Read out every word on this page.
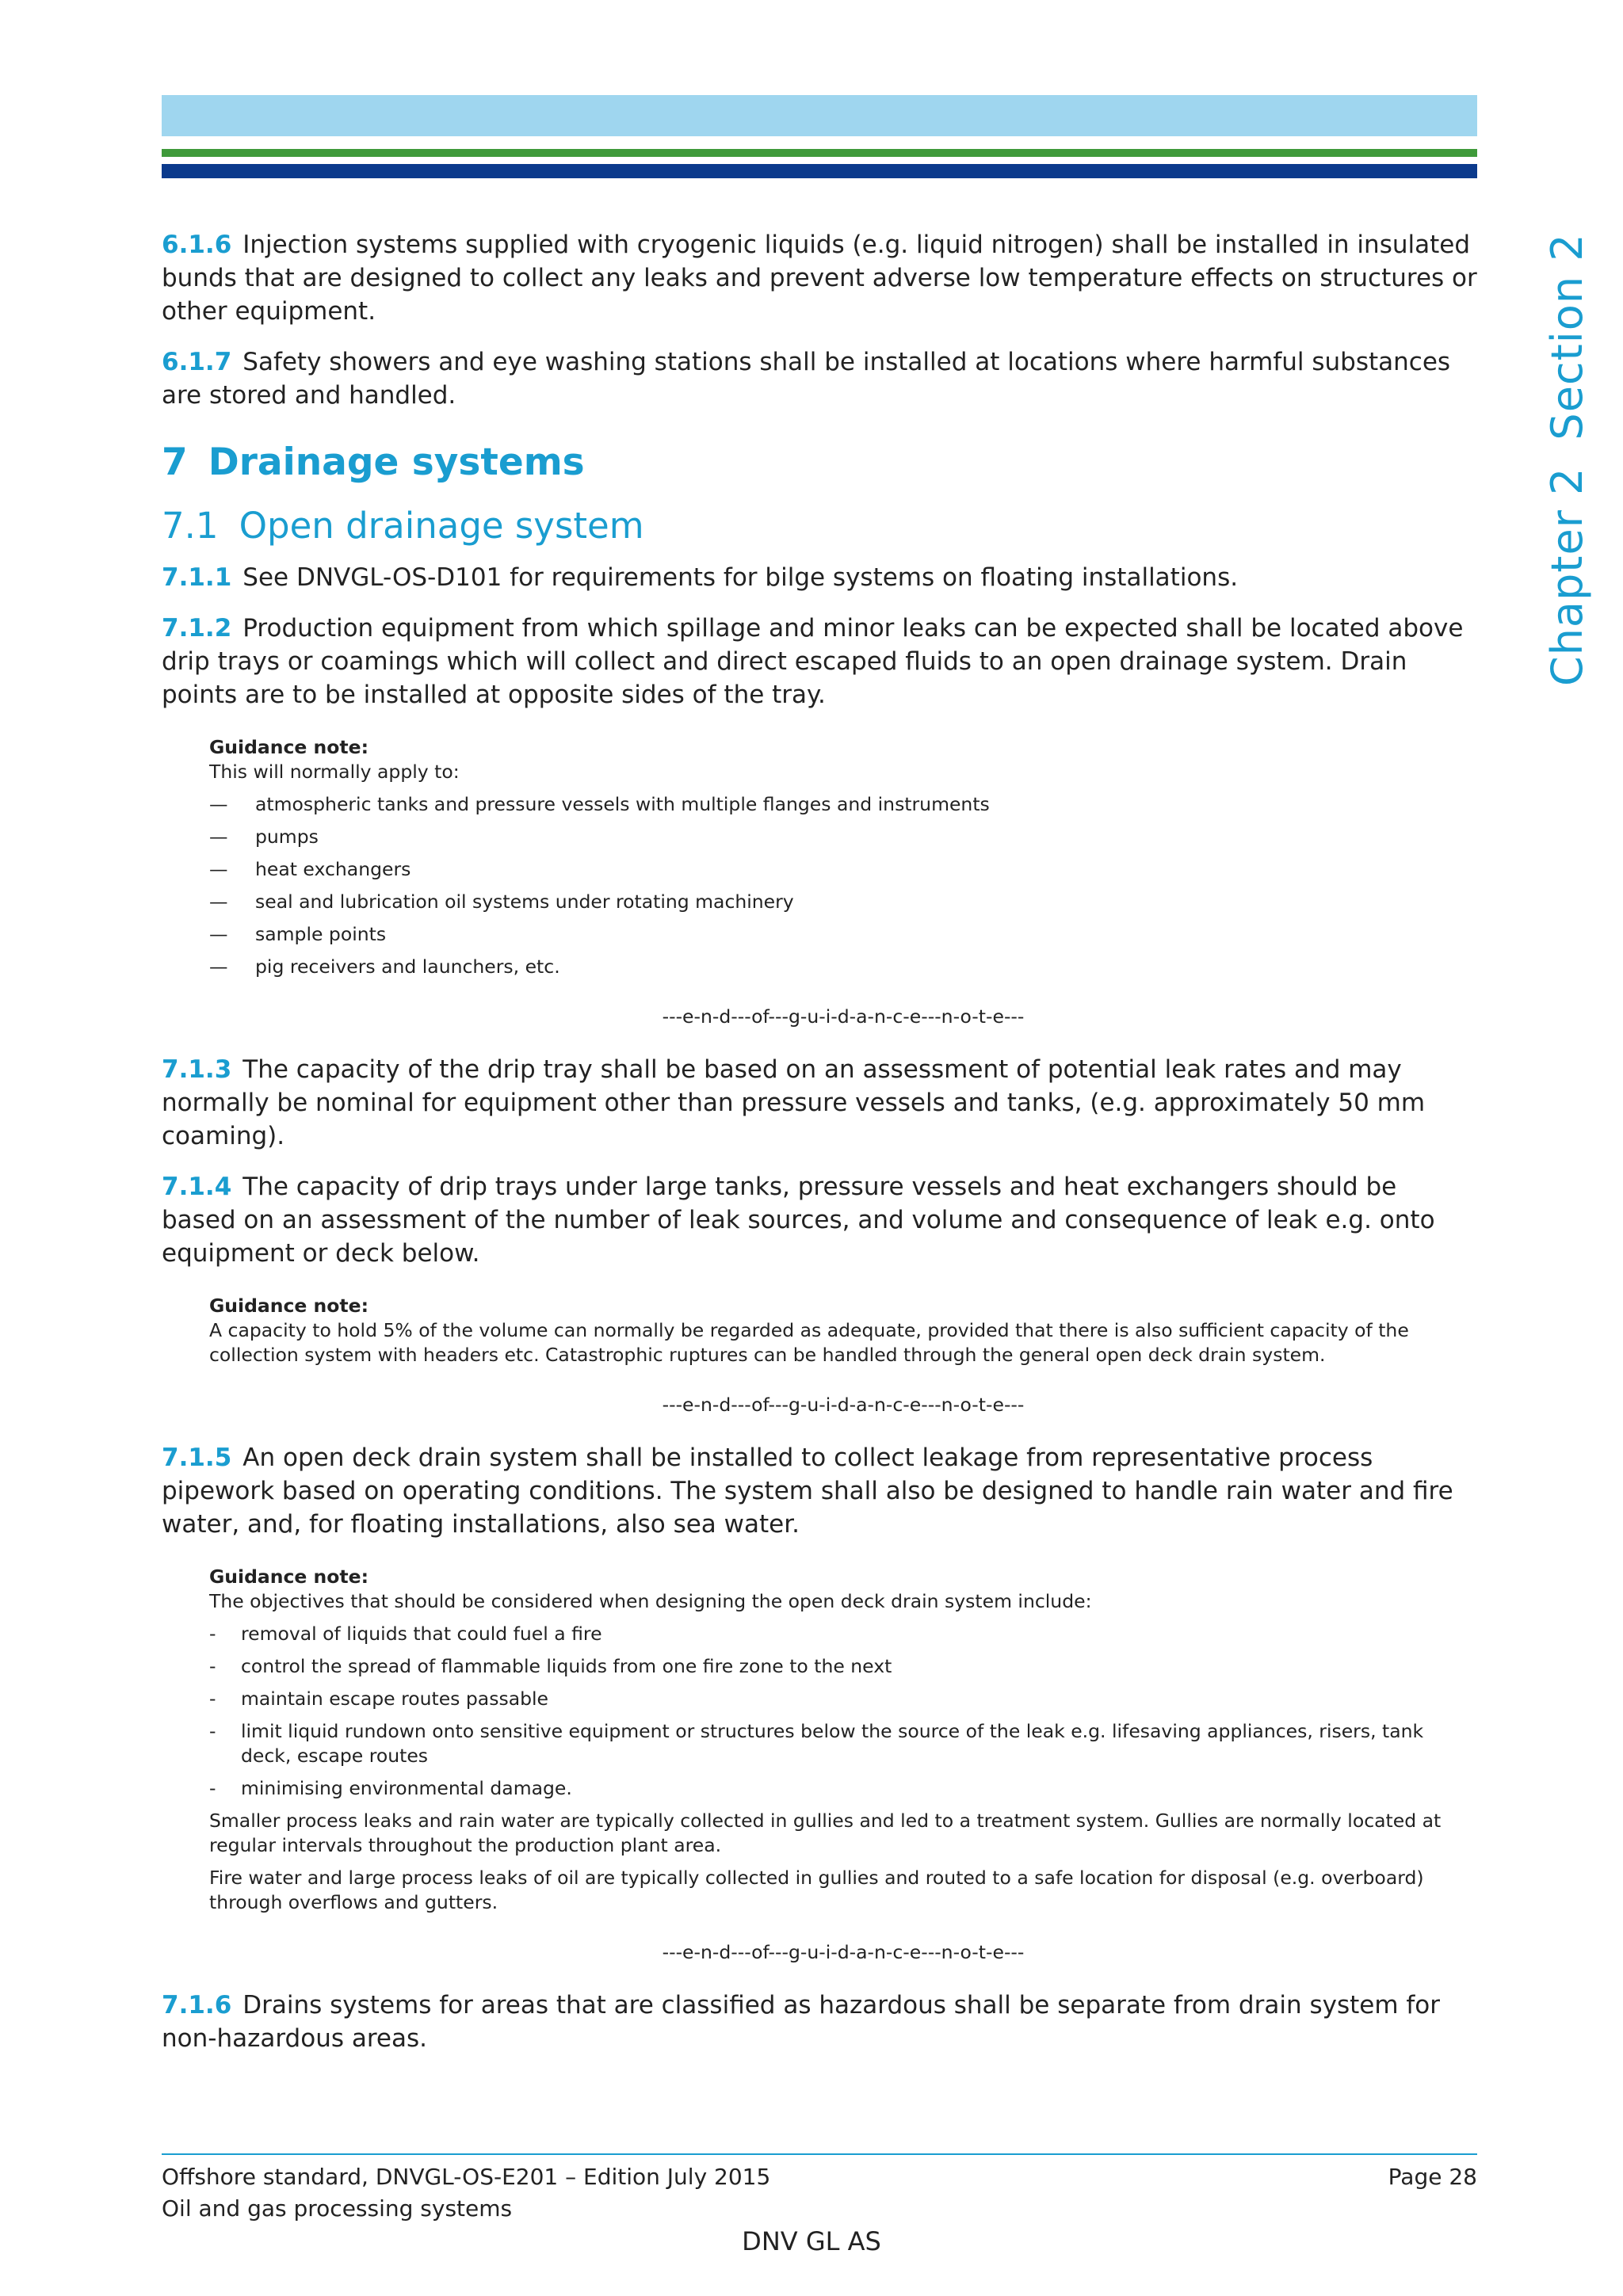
Chapter 2Section 2

6.1.6 Injection systems supplied with cryogenic liquids (e.g. liquid nitrogen) shall be installed in insulated bunds that are designed to collect any leaks and prevent adverse low temperature effects on structures or other equipment.

6.1.7 Safety showers and eye washing stations shall be installed at locations where harmful substances are stored and handled.

7 Drainage systems
7.1 Open drainage system

7.1.1 See DNVGL-OS-D101 for requirements for bilge systems on floating installations.

7.1.2 Production equipment from which spillage and minor leaks can be expected shall be located above drip trays or coamings which will collect and direct escaped fluids to an open drainage system. Drain points are to be installed at opposite sides of the tray.

Guidance note:
This will normally apply to:
— atmospheric tanks and pressure vessels with multiple flanges and instruments
— pumps
— heat exchangers
— seal and lubrication oil systems under rotating machinery
— sample points
— pig receivers and launchers, etc.
---e-n-d---of---g-u-i-d-a-n-c-e---n-o-t-e---

7.1.3 The capacity of the drip tray shall be based on an assessment of potential leak rates and may normally be nominal for equipment other than pressure vessels and tanks, (e.g. approximately 50 mm coaming).

7.1.4 The capacity of drip trays under large tanks, pressure vessels and heat exchangers should be based on an assessment of the number of leak sources, and volume and consequence of leak e.g. onto equipment or deck below.

Guidance note:
A capacity to hold 5% of the volume can normally be regarded as adequate, provided that there is also sufficient capacity of the collection system with headers etc. Catastrophic ruptures can be handled through the general open deck drain system.
---e-n-d---of---g-u-i-d-a-n-c-e---n-o-t-e---

7.1.5 An open deck drain system shall be installed to collect leakage from representative process pipework based on operating conditions. The system shall also be designed to handle rain water and fire water, and, for floating installations, also sea water.

Guidance note:
The objectives that should be considered when designing the open deck drain system include:
- removal of liquids that could fuel a fire
- control the spread of flammable liquids from one fire zone to the next
- maintain escape routes passable
- limit liquid rundown onto sensitive equipment or structures below the source of the leak e.g. lifesaving appliances, risers, tank deck, escape routes
- minimising environmental damage.

Smaller process leaks and rain water are typically collected in gullies and led to a treatment system. Gullies are normally located at regular intervals throughout the production plant area.

Fire water and large process leaks of oil are typically collected in gullies and routed to a safe location for disposal (e.g. overboard) through overflows and gutters.

---e-n-d---of---g-u-i-d-a-n-c-e---n-o-t-e---

7.1.6 Drains systems for areas that are classified as hazardous shall be separate from drain system for non-hazardous areas.

Offshore standard, DNVGL-OS-E201 – Edition July 2015
Oil and gas processing systems
Page 28
DNV GL AS
